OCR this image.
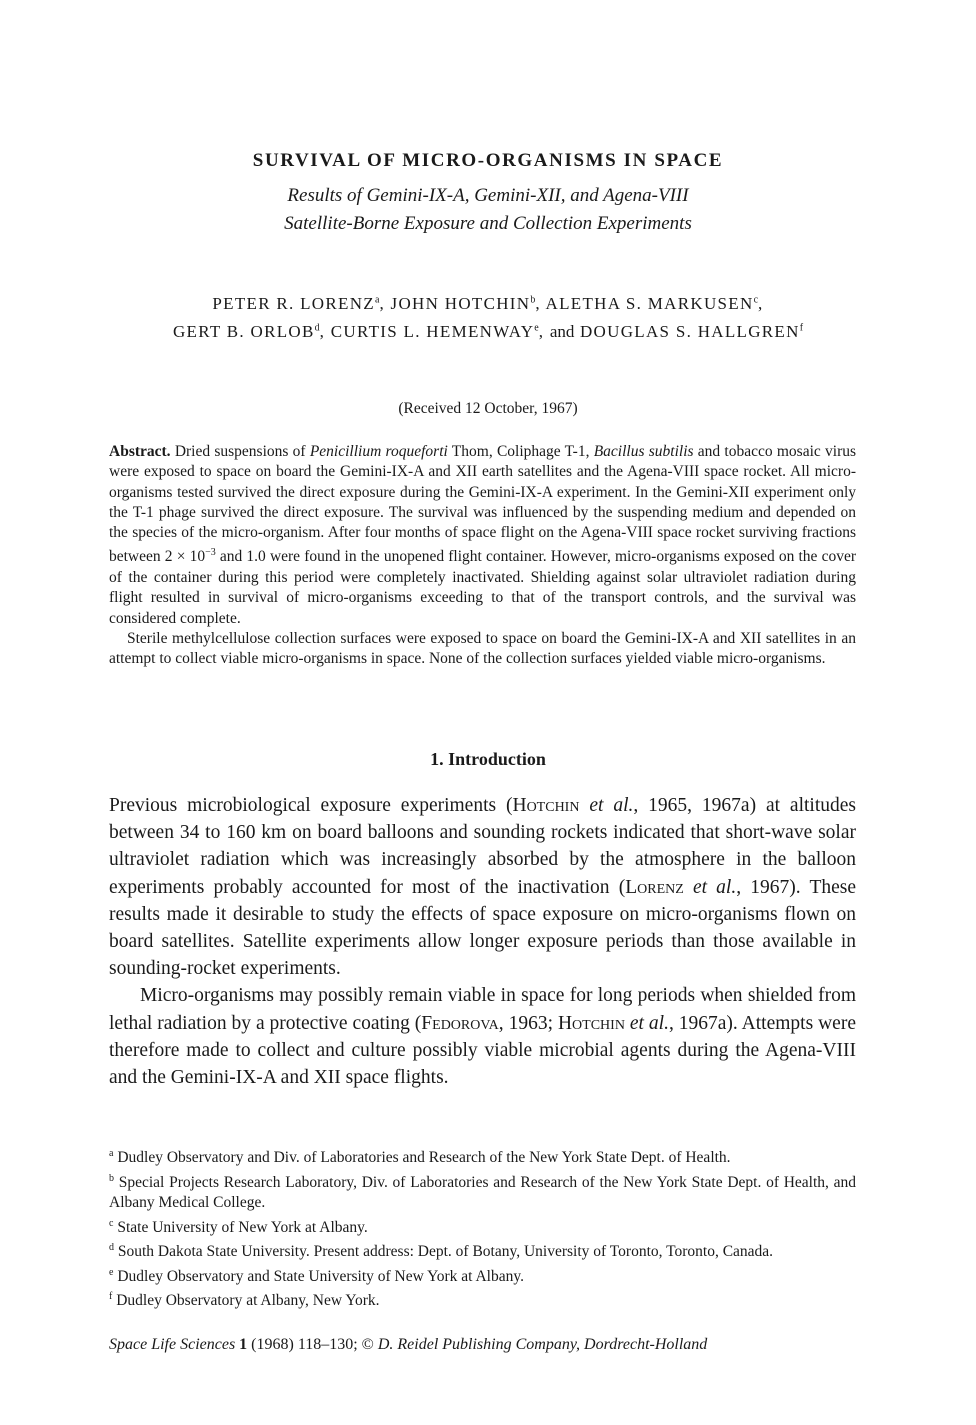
SURVIVAL OF MICRO-ORGANISMS IN SPACE
Results of Gemini-IX-A, Gemini-XII, and Agena-VIII
Satellite-Borne Exposure and Collection Experiments
PETER R. LORENZ$^a$, JOHN HOTCHIN$^b$, ALETHA S. MARKUSEN$^c$,
GERT B. ORLOB$^d$, CURTIS L. HEMENWAY$^e$, and DOUGLAS S. HALLGREN$^f$
(Received 12 October, 1967)

Abstract. Dried suspensions of Penicillium roqueforti Thom, Coliphage T-1, Bacillus subtilis and tobacco mosaic virus were exposed to space on board the Gemini-IX-A and XII earth satellites and the Agena-VIII space rocket. All micro-organisms tested survived the direct exposure during the Gemini-IX-A experiment. In the Gemini-XII experiment only the T-1 phage survived the direct exposure. The survival was influenced by the suspending medium and depended on the species of the micro-organism. After four months of space flight on the Agena-VIII space rocket surviving fractions between $2 \times 10^{-3}$ and 1.0 were found in the unopened flight container. However, micro-organisms exposed on the cover of the container during this period were completely inactivated. Shielding against solar ultraviolet radiation during flight resulted in survival of micro-organisms exceeding to that of the transport controls, and the survival was considered complete.

Sterile methylcellulose collection surfaces were exposed to space on board the Gemini-IX-A and XII satellites in an attempt to collect viable micro-organisms in space. None of the collection surfaces yielded viable micro-organisms.

1. Introduction

Previous microbiological exposure experiments (Hotchin et al., 1965, 1967a) at altitudes between 34 to 160 km on board balloons and sounding rockets indicated that short-wave solar ultraviolet radiation which was increasingly absorbed by the atmosphere in the balloon experiments probably accounted for most of the inactivation (Lorenz et al., 1967). These results made it desirable to study the effects of space exposure on micro-organisms flown on board satellites. Satellite experiments allow longer exposure periods than those available in sounding-rocket experiments.

Micro-organisms may possibly remain viable in space for long periods when shielded from lethal radiation by a protective coating (Fedorova, 1963; Hotchin et al., 1967a). Attempts were therefore made to collect and culture possibly viable microbial agents during the Agena-VIII and the Gemini-IX-A and XII space flights.

$^a$ Dudley Observatory and Div. of Laboratories and Research of the New York State Dept. of Health.

$^b$ Special Projects Research Laboratory, Div. of Laboratories and Research of the New York State Dept. of Health, and Albany Medical College.

$^c$ State University of New York at Albany.

$^d$ South Dakota State University. Present address: Dept. of Botany, University of Toronto, Toronto, Canada.

$^e$ Dudley Observatory and State University of New York at Albany.

$^f$ Dudley Observatory at Albany, New York.

Space Life Sciences 1 (1968) 118–130; © D. Reidel Publishing Company, Dordrecht-Holland
